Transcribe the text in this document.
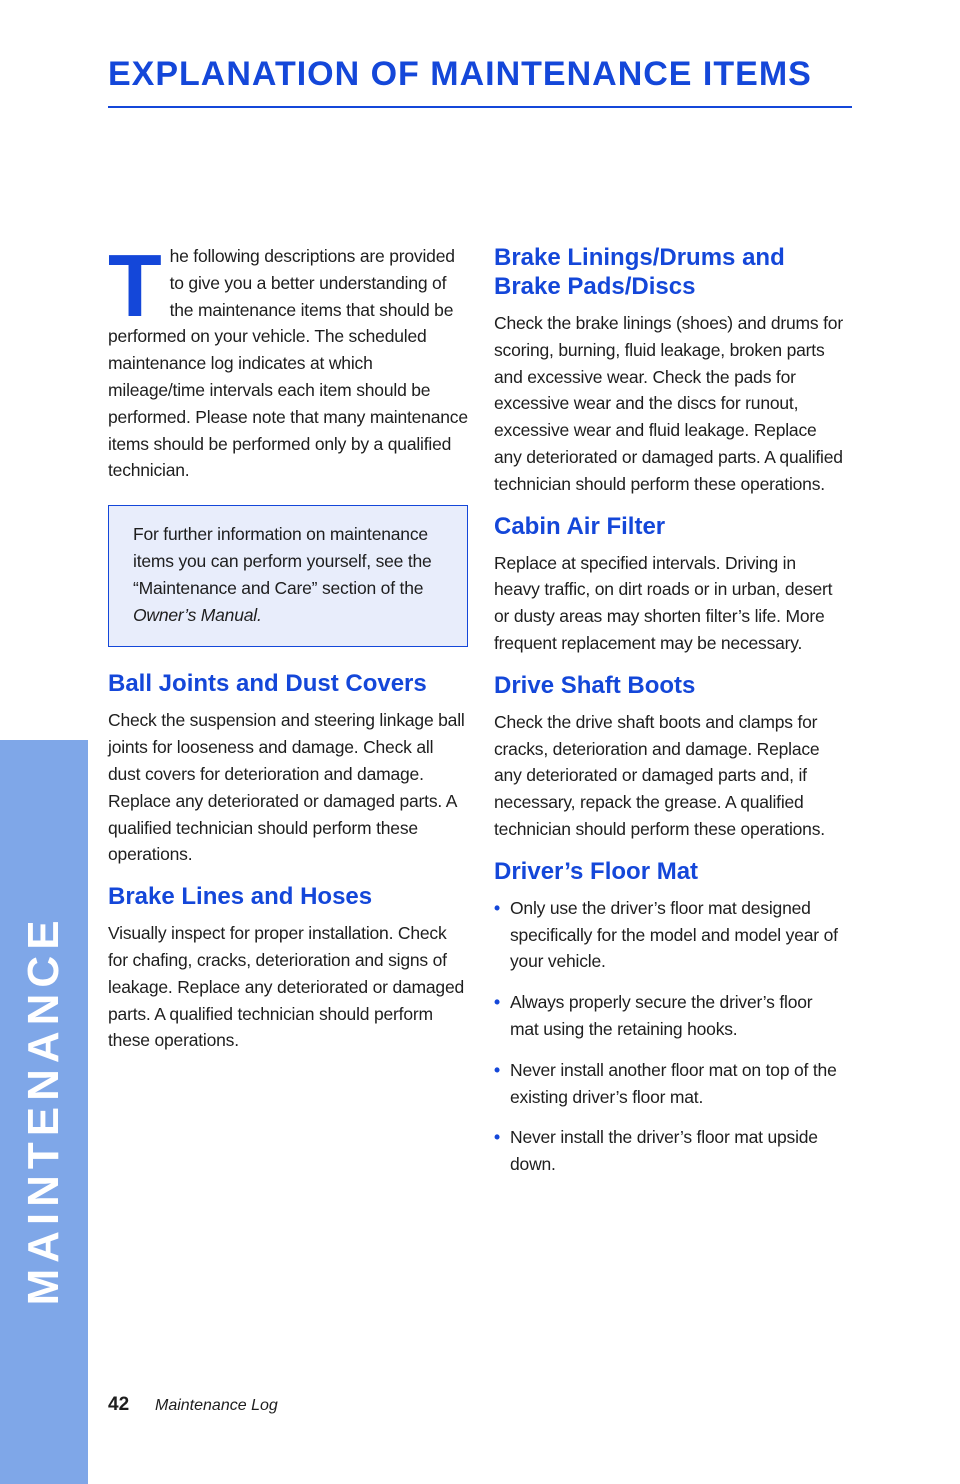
MAINTENANCE
EXPLANATION OF MAINTENANCE ITEMS

The following descriptions are provided to give you a better understanding of the maintenance items that should be performed on your vehicle. The scheduled maintenance log indicates at which mileage/time intervals each item should be performed. Please note that many maintenance items should be performed only by a qualified technician.

For further information on maintenance items you can perform yourself, see the “Maintenance and Care” section of the Owner’s Manual.

Ball Joints and Dust Covers

Check the suspension and steering linkage ball joints for looseness and damage. Check all dust covers for deterioration and damage. Replace any deteriorated or damaged parts. A qualified technician should perform these operations.

Brake Lines and Hoses

Visually inspect for proper installation. Check for chafing, cracks, deterioration and signs of leakage. Replace any deteriorated or damaged parts. A qualified technician should perform these operations.

Brake Linings/Drums and Brake Pads/Discs

Check the brake linings (shoes) and drums for scoring, burning, fluid leakage, broken parts and excessive wear. Check the pads for excessive wear and the discs for runout, excessive wear and fluid leakage. Replace any deteriorated or damaged parts. A qualified technician should perform these operations.

Cabin Air Filter

Replace at specified intervals. Driving in heavy traffic, on dirt roads or in urban, desert or dusty areas may shorten filter’s life. More frequent replacement may be necessary.

Drive Shaft Boots

Check the drive shaft boots and clamps for cracks, deterioration and damage. Replace any deteriorated or damaged parts and, if necessary, repack the grease. A qualified technician should perform these operations.

Driver’s Floor Mat
• Only use the driver’s floor mat designed specifically for the model and model year of your vehicle.
• Always properly secure the driver’s floor mat using the retaining hooks.
• Never install another floor mat on top of the existing driver’s floor mat.
• Never install the driver’s floor mat upside down.
42 Maintenance Log
